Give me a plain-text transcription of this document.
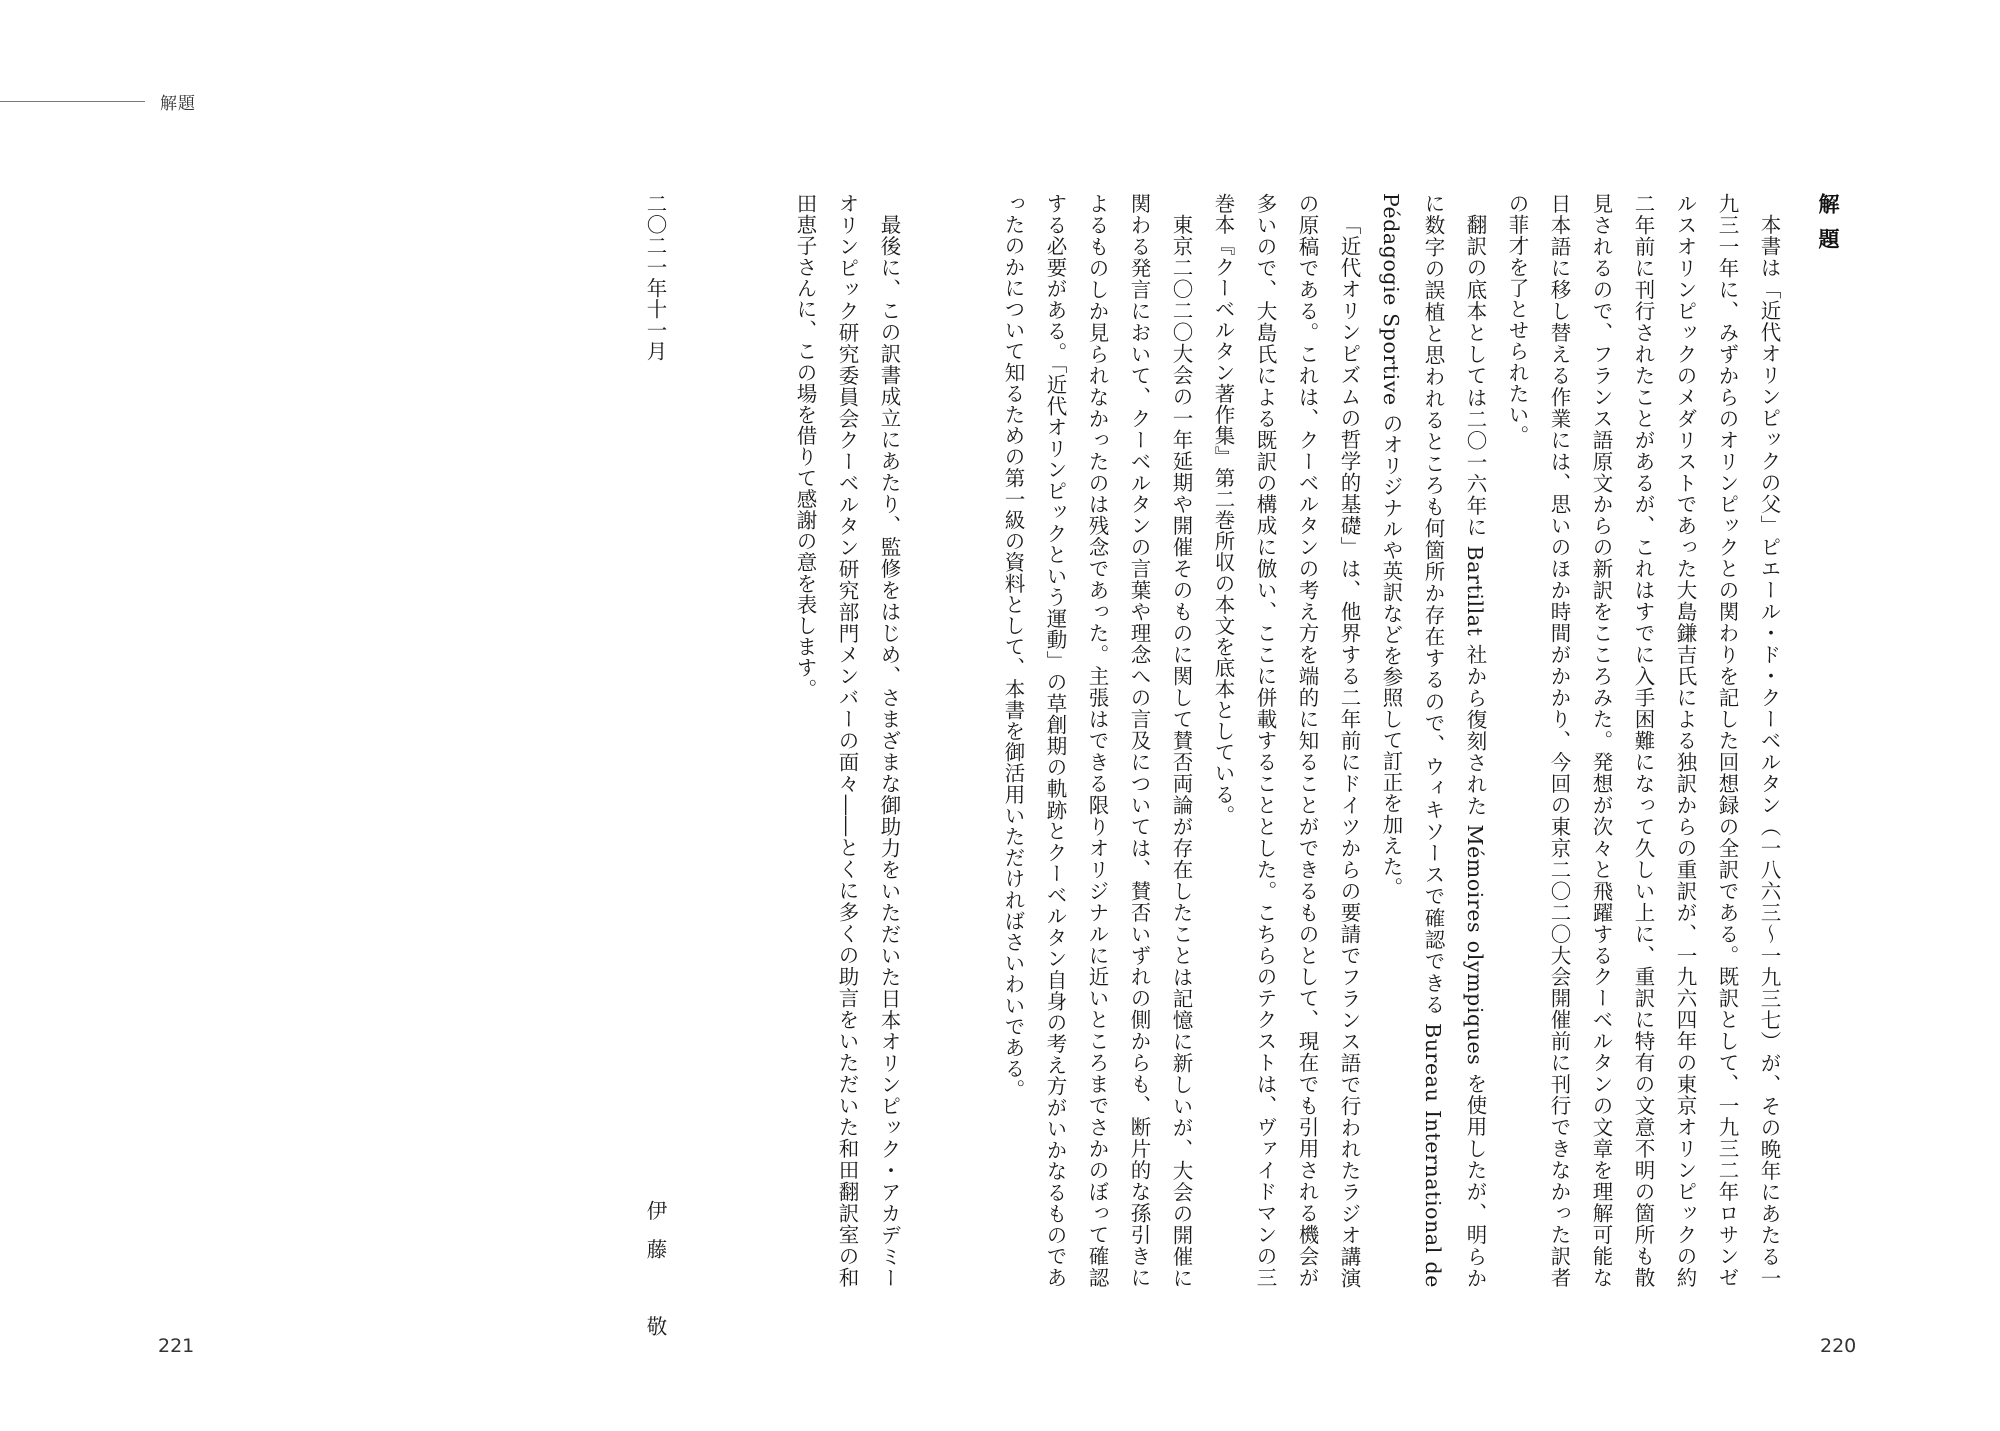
解題
解題

本書は「近代オリンピックの父」ピエール・ド・クーベルタン（一八六三〜一九三七）が、その晩年にあたる一九三一年に、みずからのオリンピックとの関わりを記した回想録の全訳である。既訳として、一九三二年ロサンゼルスオリンピックのメダリストであった大島鎌吉氏による独訳からの重訳が、一九六四年の東京オリンピックの約二年前に刊行されたことがあるが、これはすでに入手困難になって久しい上に、重訳に特有の文意不明の箇所も散見されるので、フランス語原文からの新訳をこころみた。発想が次々と飛躍するクーベルタンの文章を理解可能な日本語に移し替える作業には、思いのほか時間がかかり、今回の東京二〇二〇大会開催前に刊行できなかった訳者の菲才を了とせられたい。

翻訳の底本としては二〇一六年に Bartillat 社から復刻された Mémoires olympiques を使用したが、明らかに数字の誤植と思われるところも何箇所か存在するので、ウィキソースで確認できる Bureau International de Pédagogie Sportive のオリジナルや英訳などを参照して訂正を加えた。

「近代オリンピズムの哲学的基礎」は、他界する二年前にドイツからの要請でフランス語で行われたラジオ講演の原稿である。これは、クーベルタンの考え方を端的に知ることができるものとして、現在でも引用される機会が多いので、大島氏による既訳の構成に倣い、ここに併載することとした。こちらのテクストは、ヴァイドマンの三巻本『クーベルタン著作集』第二巻所収の本文を底本としている。

東京二〇二〇大会の一年延期や開催そのものに関して賛否両論が存在したことは記憶に新しいが、大会の開催に関わる発言において、クーベルタンの言葉や理念への言及については、賛否いずれの側からも、断片的な孫引きによるものしか見られなかったのは残念であった。主張はできる限りオリジナルに近いところまでさかのぼって確認する必要がある。「近代オリンピックという運動」の草創期の軌跡とクーベルタン自身の考え方がいかなるものであったのかについて知るための第一級の資料として、本書を御活用いただければさいわいである。

最後に、この訳書成立にあたり、監修をはじめ、さまざまな御助力をいただいた日本オリンピック・アカデミーオリンピック研究委員会クーベルタン研究部門メンバーの面々――とくに多くの助言をいただいた和田翻訳室の和田恵子さんに、この場を借りて感謝の意を表します。

伊藤　敬
二〇二一年十一月
221	220
